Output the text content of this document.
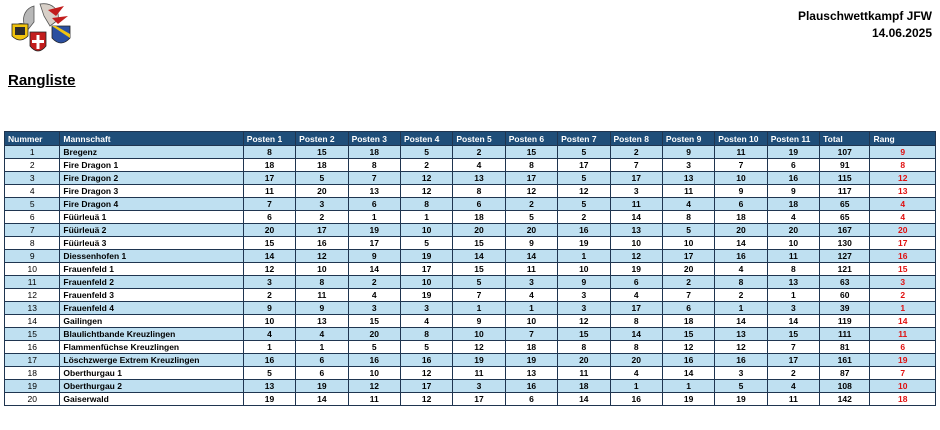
Plauschwettkampf JFW
14.06.2025
Rangliste
Nummer	Mannschaft	Posten 1	Posten 2	Posten 3	Posten 4	Posten 5	Posten 6	Posten 7	Posten 8	Posten 9	Posten 10	Posten 11	Total	Rang
1	Bregenz	8	15	18	5	2	15	5	2	9	11	19	107	9
2	Fire Dragon 1	18	18	8	2	4	8	17	7	3	7	6	91	8
3	Fire Dragon 2	17	5	7	12	13	17	5	17	13	10	16	115	12
4	Fire Dragon 3	11	20	13	12	8	12	12	3	11	9	9	117	13
5	Fire Dragon 4	7	3	6	8	6	2	5	11	4	6	18	65	4
6	Füürleuä 1	6	2	1	1	18	5	2	14	8	18	4	65	4
7	Füürleuä 2	20	17	19	10	20	20	16	13	5	20	20	167	20
8	Füürleuä 3	15	16	17	5	15	9	19	10	10	14	10	130	17
9	Diessenhofen 1	14	12	9	19	14	14	1	12	17	16	11	127	16
10	Frauenfeld 1	12	10	14	17	15	11	10	19	20	4	8	121	15
11	Frauenfeld 2	3	8	2	10	5	3	9	6	2	8	13	63	3
12	Frauenfeld 3	2	11	4	19	7	4	3	4	7	2	1	60	2
13	Frauenfeld 4	9	9	3	3	1	1	3	17	6	1	3	39	1
14	Gailingen	10	13	15	4	9	10	12	8	18	14	14	119	14
15	Blaulichtbande Kreuzlingen	4	4	20	8	10	7	15	14	15	13	15	111	11
16	Flammenfüchse Kreuzlingen	1	1	5	5	12	18	8	8	12	12	7	81	6
17	Löschzwerge Extrem Kreuzlingen	16	6	16	16	19	19	20	20	16	16	17	161	19
18	Oberthurgau 1	5	6	10	12	11	13	11	4	14	3	2	87	7
19	Oberthurgau 2	13	19	12	17	3	16	18	1	1	5	4	108	10
20	Gaiserwald	19	14	11	12	17	6	14	16	19	19	11	142	18
